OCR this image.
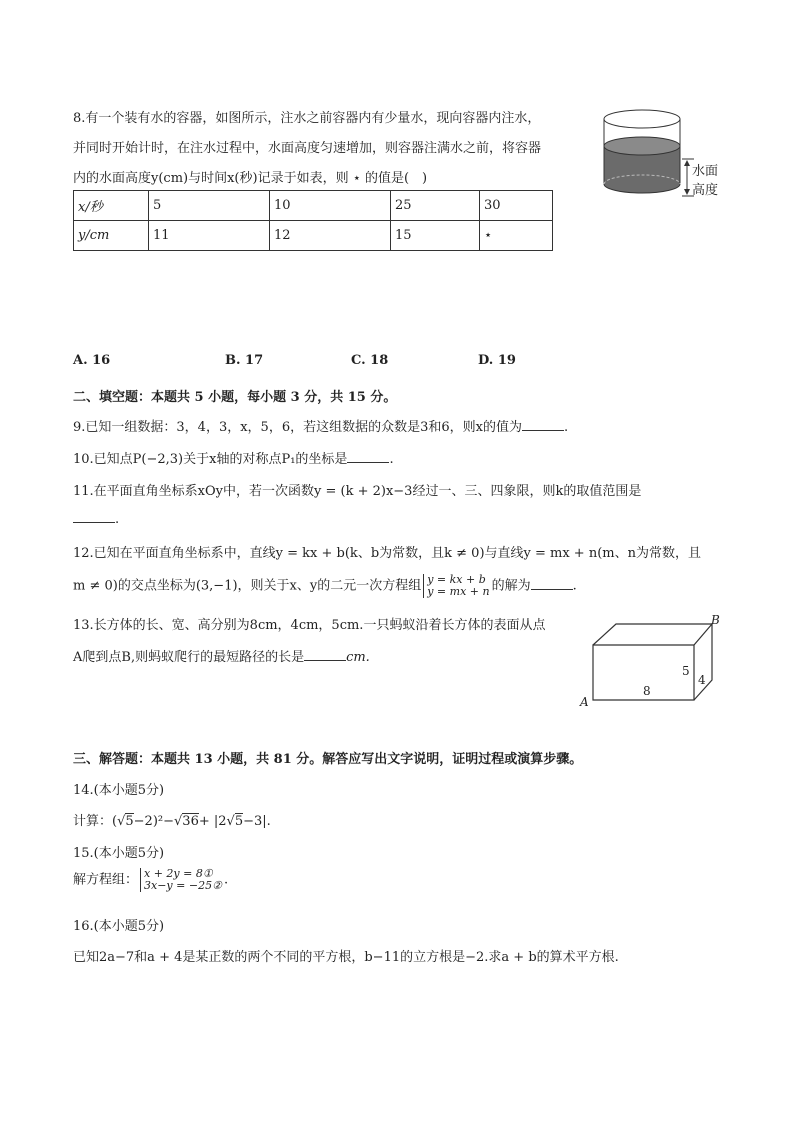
8.有一个装有水的容器，如图所示，注水之前容器内有少量水，现向容器内注水，
并同时开始计时，在注水过程中，水面高度匀速增加，则容器注满水之前，将容器
内的水面高度y(cm)与时间x(秒)记录于如表，则 ⋆ 的值是(　)
x/秒	5	10	25	30
y/cm	11	12	15	⋆
水面
高度
A. 16	B. 17	C. 18	D. 19
二、填空题：本题共 5 小题，每小题 3 分，共 15 分。
9.已知一组数据：3，4，3，x，5，6，若这组数据的众数是3和6，则x的值为	.
10.已知点P(−2,3)关于x轴的对称点P₁的坐标是	.
11.在平面直角坐标系xOy中，若一次函数y = (k + 2)x−3经过一、三、四象限，则k的取值范围是
.
12.已知在平面直角坐标系中，直线y = kx + b(k、b为常数，且k ≠ 0)与直线y = mx + n(m、n为常数，且
m ≠ 0)的交点坐标为(3,−1)，则关于x、y的二元一次方程组 y = kx + b
y = mx + n 的解为	.
13.长方体的长、宽、高分别为8cm，4cm，5cm.一只蚂蚁沿着长方体的表面从点
A爬到点B,则蚂蚁爬行的最短路径的长是	cm.
B
A
8
5
4
三、解答题：本题共 13 小题，共 81 分。解答应写出文字说明，证明过程或演算步骤。
14.(本小题5分)
计算：(√5−2)²−√36+ |2√5−3|.
15.(本小题5分)
解方程组： x + 2y = 8①
3x−y = −25② .
16.(本小题5分)
已知2a−7和a + 4是某正数的两个不同的平方根，b−11的立方根是−2.求a + b的算术平方根.
